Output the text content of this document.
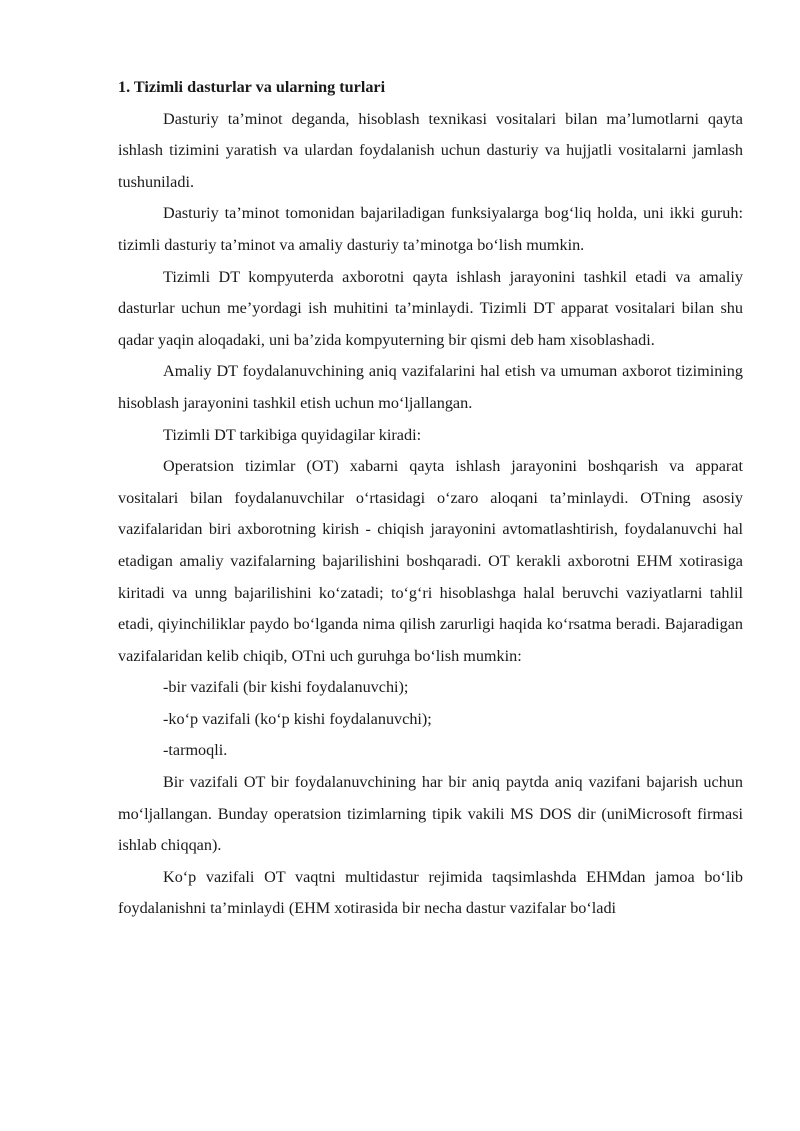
1. Tizimli dasturlar va ularning turlari

Dasturiy ta’minot deganda, hisoblash texnikasi vositalari bilan ma’lumotlarni qayta ishlash tizimini yaratish va ulardan foydalanish uchun dasturiy va hujjatli vositalarni jamlash tushuniladi.

Dasturiy ta’minot tomonidan bajariladigan funksiyalarga bog‘liq holda, uni ikki guruh: tizimli dasturiy ta’minot va amaliy dasturiy ta’minotga bo‘lish mumkin.

Tizimli DT kompyuterda axborotni qayta ishlash jarayonini tashkil etadi va amaliy dasturlar uchun me’yordagi ish muhitini ta’minlaydi. Tizimli DT apparat vositalari bilan shu qadar yaqin aloqadaki, uni ba’zida kompyuterning bir qismi deb ham xisoblashadi.

Amaliy DT foydalanuvchining aniq vazifalarini hal etish va umuman axborot tizimining hisoblash jarayonini tashkil etish uchun mo‘ljallangan.

Tizimli DT tarkibiga quyidagilar kiradi:

Operatsion tizimlar (OT) xabarni qayta ishlash jarayonini boshqarish va apparat vositalari bilan foydalanuvchilar o‘rtasidagi o‘zaro aloqani ta’minlaydi. OTning asosiy vazifalaridan biri axborotning kirish - chiqish jarayonini avtomatlashtirish, foydalanuvchi hal etadigan amaliy vazifalarning bajarilishini boshqaradi. OT kerakli axborotni EHM xotirasiga kiritadi va unng bajarilishini ko‘zatadi; to‘g‘ri hisoblashga halal beruvchi vaziyatlarni tahlil etadi, qiyinchiliklar paydo bo‘lganda nima qilish zarurligi haqida ko‘rsatma beradi. Bajaradigan vazifalaridan kelib chiqib, OTni uch guruhga bo‘lish mumkin:

-bir vazifali (bir kishi foydalanuvchi);

-ko‘p vazifali (ko‘p kishi foydalanuvchi);

-tarmoqli.

Bir vazifali OT bir foydalanuvchining har bir aniq paytda aniq vazifani bajarish uchun mo‘ljallangan. Bunday operatsion tizimlarning tipik vakili MS DOS dir (uniMicrosoft firmasi ishlab chiqqan).

Ko‘p vazifali OT vaqtni multidastur rejimida taqsimlashda EHMdan jamoa bo‘lib foydalanishni ta’minlaydi (EHM xotirasida bir necha dastur vazifalar bo‘ladi
